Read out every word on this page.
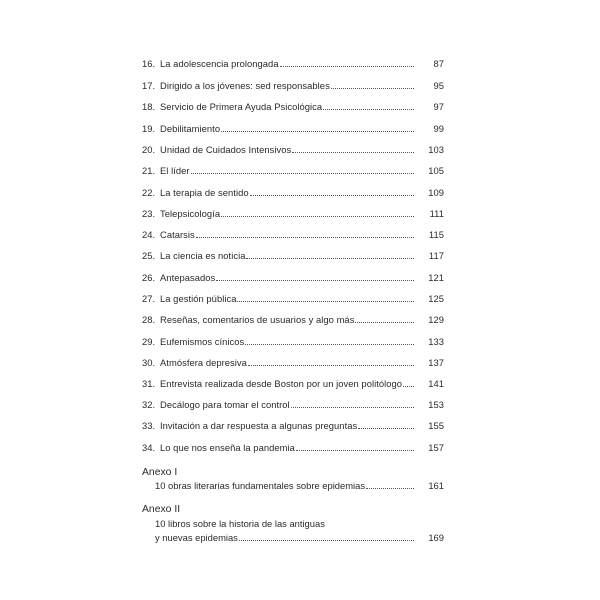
16. La adolescencia prolongada	87
17. Dirigido a los jóvenes: sed responsables	95
18. Servicio de Primera Ayuda Psicológica	97
19. Debilitamiento	99
20. Unidad de Cuidados Intensivos	103
21. El líder	105
22. La terapia de sentido	109
23. Telepsicología	111
24. Catarsis	115
25. La ciencia es noticia	117
26. Antepasados	121
27. La gestión pública	125
28. Reseñas, comentarios de usuarios y algo más	129
29. Eufemismos cínicos	133
30. Atmósfera depresiva	137
31. Entrevista realizada desde Boston por un joven politólogo	141
32. Decálogo para tomar el control	153
33. Invitación a dar respuesta a algunas preguntas	155
34. Lo que nos enseña la pandemia	157
Anexo I
10 obras literarias fundamentales sobre epidemias	161
Anexo II
10 libros sobre la historia de las antiguas
y nuevas epidemias	169
